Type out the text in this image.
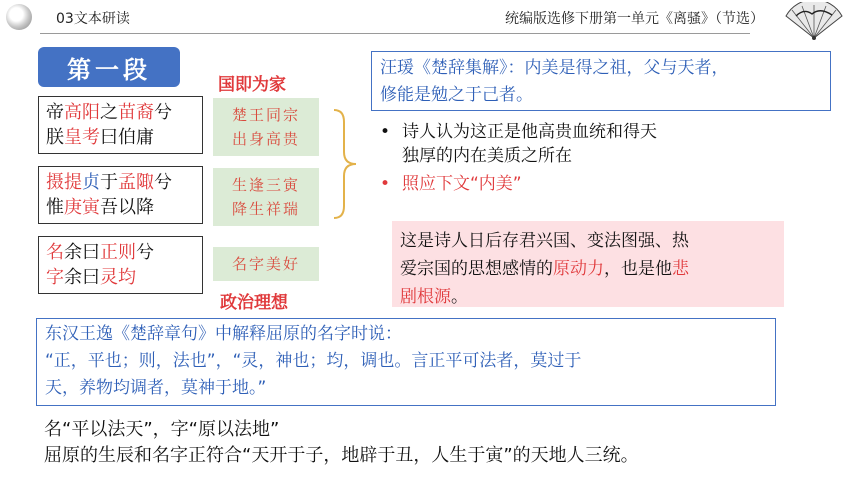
03文本研读	统编版选修下册第一单元《离骚》（节选）
第一段
国即为家
政治理想
帝高阳之苗裔兮
朕皇考曰伯庸
摄提贞于孟陬兮
惟庚寅吾以降
名余曰正则兮
字余曰灵均
楚王同宗
出身高贵
生逢三寅
降生祥瑞
名字美好
汪瑗《楚辞集解》：内美是得之祖，父与天者，
修能是勉之于己者。
• 诗人认为这正是他高贵血统和得天
独厚的内在美质之所在
• 照应下文“内美”
这是诗人日后存君兴国、变法图强、热
爱宗国的思想感情的原动力，也是他悲
剧根源。
东汉王逸《楚辞章句》中解释屈原的名字时说：
“正，平也；则，法也”，“灵，神也；均，调也。言正平可法者，莫过于
天，养物均调者，莫神于地。”
名“平以法天”，字“原以法地”
屈原的生辰和名字正符合“天开于子，地辟于丑，人生于寅”的天地人三统。
